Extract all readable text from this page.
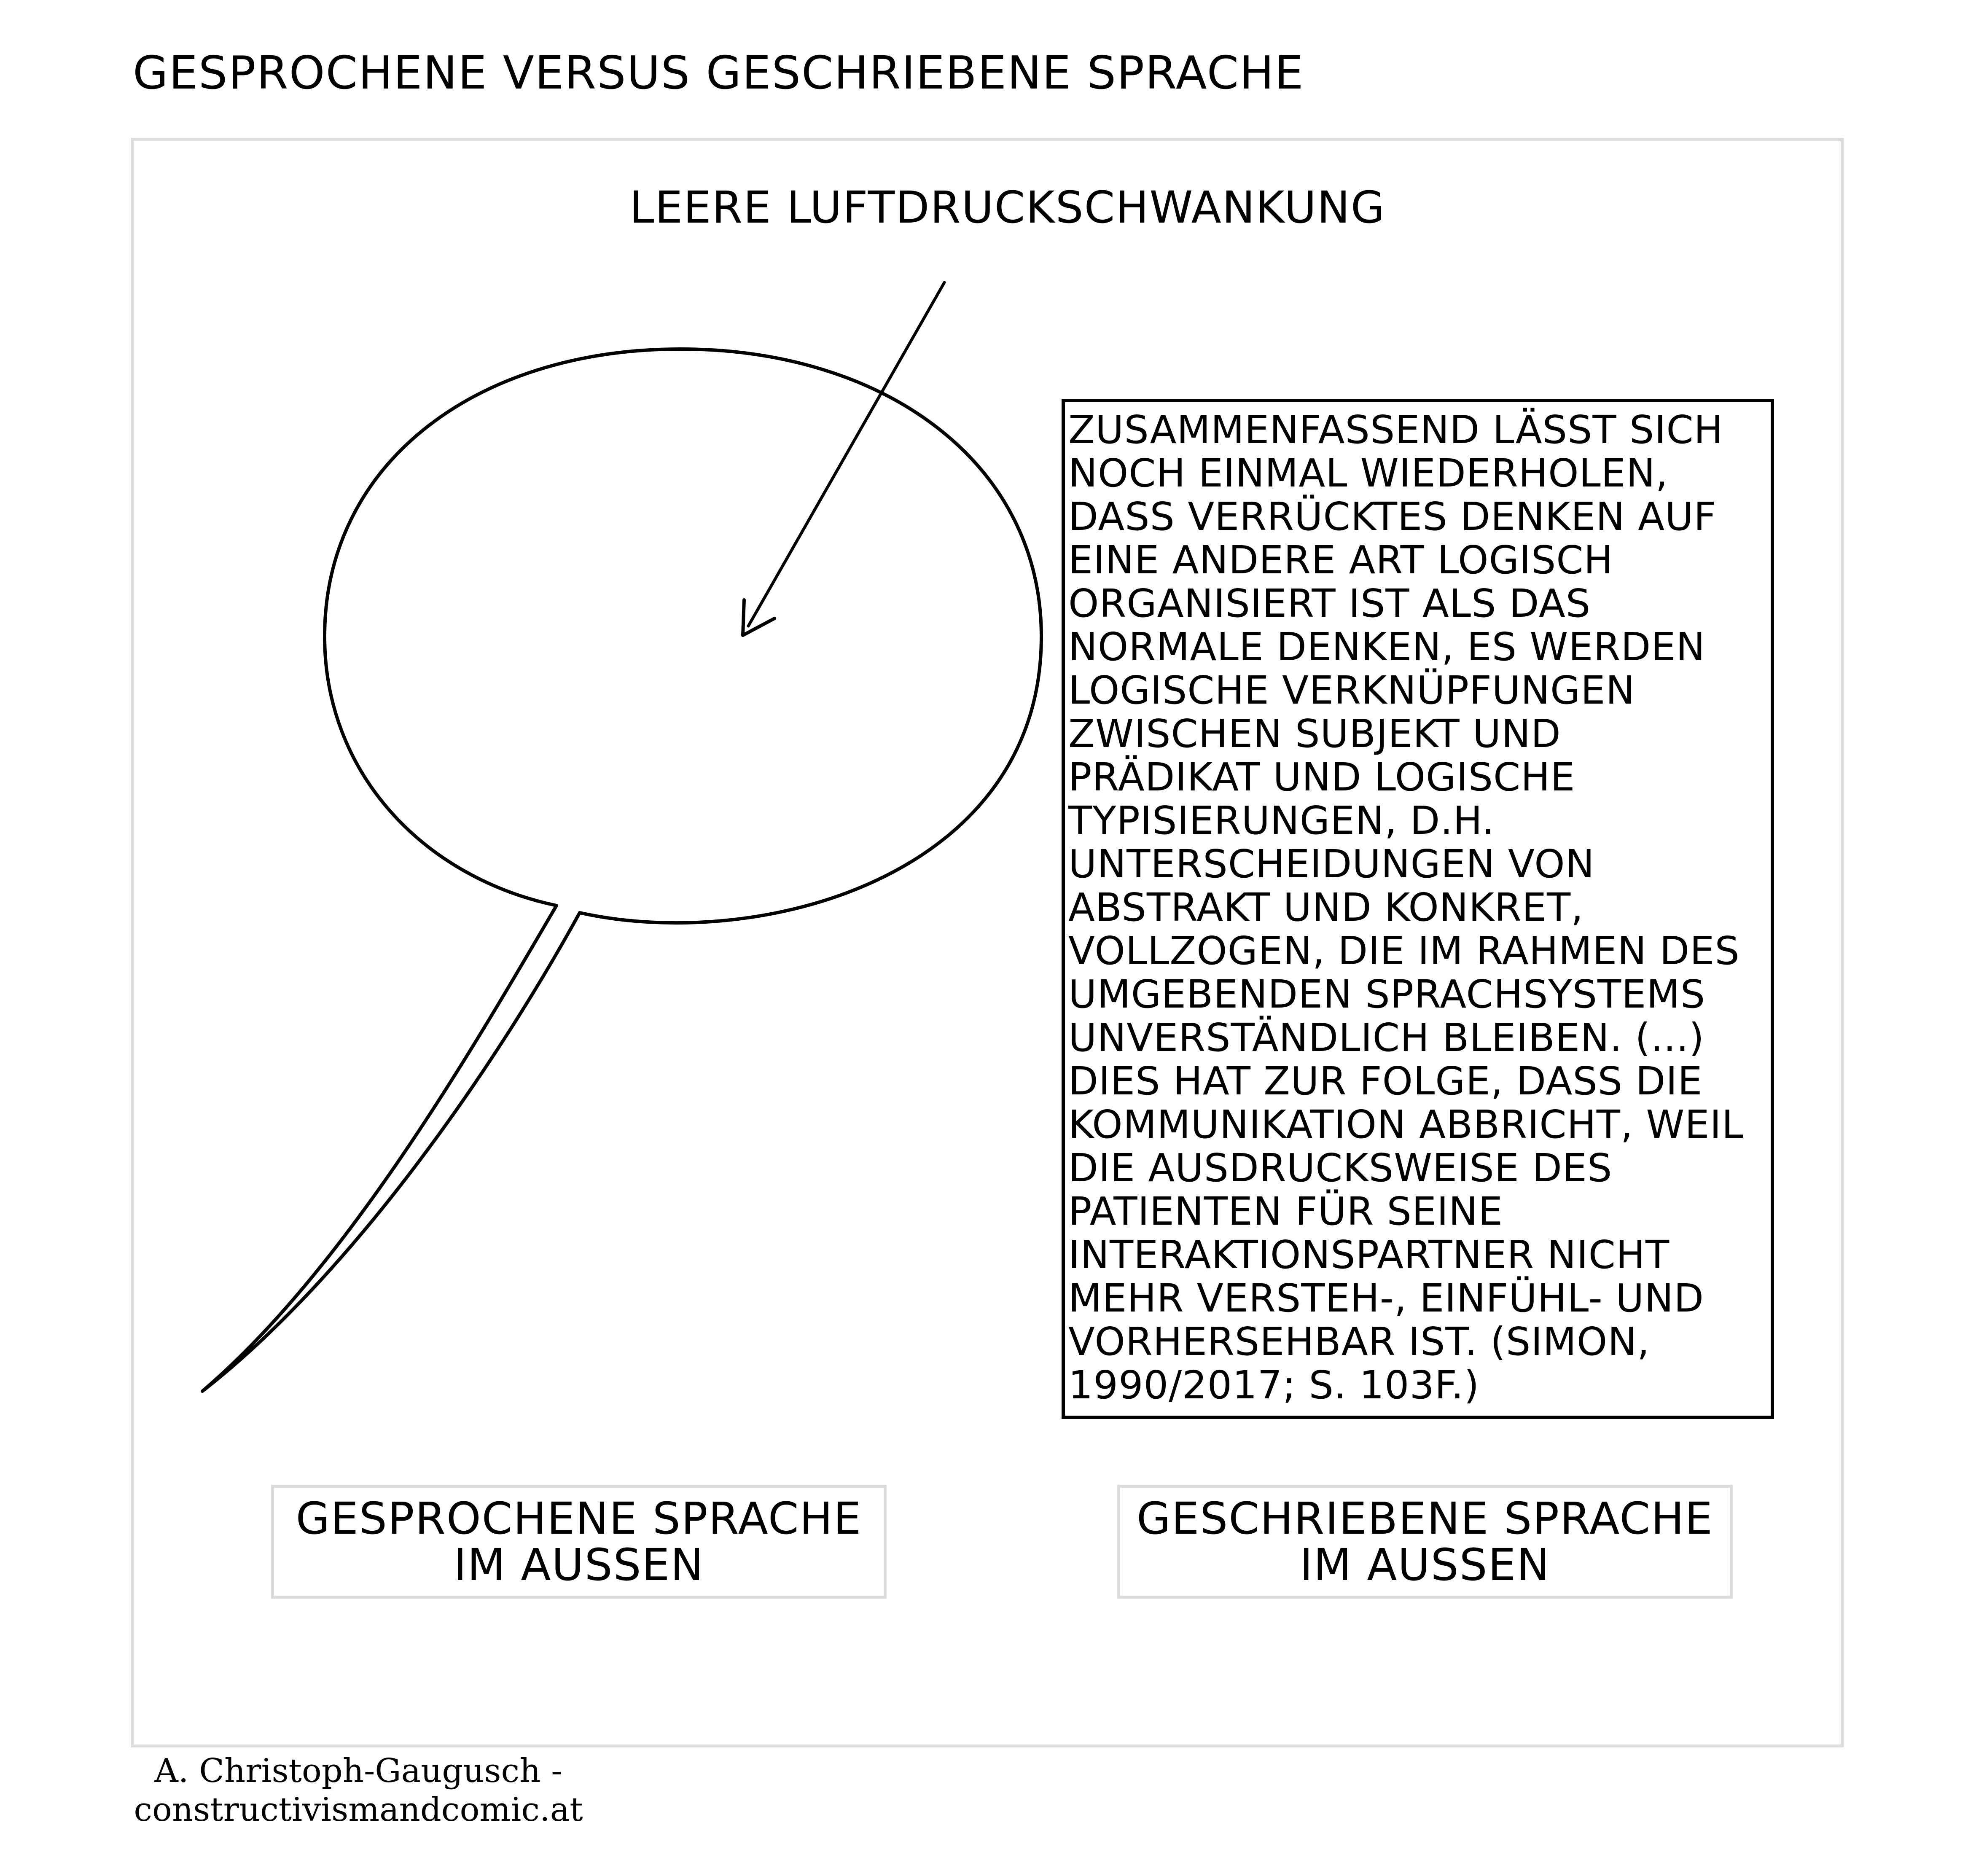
GESPROCHENE VERSUS GESCHRIEBENE SPRACHE
LEERE LUFTDRUCKSCHWANKUNG
ZUSAMMENFASSEND LÄSST SICH
NOCH EINMAL WIEDERHOLEN,
DASS VERRÜCKTES DENKEN AUF
EINE ANDERE ART LOGISCH
ORGANISIERT IST ALS DAS
NORMALE DENKEN, ES WERDEN
LOGISCHE VERKNÜPFUNGEN
ZWISCHEN SUBJEKT UND
PRÄDIKAT UND LOGISCHE
TYPISIERUNGEN, D.H.
UNTERSCHEIDUNGEN VON
ABSTRAKT UND KONKRET,
VOLLZOGEN, DIE IM RAHMEN DES
UMGEBENDEN SPRACHSYSTEMS
UNVERSTÄNDLICH BLEIBEN. (...)
DIES HAT ZUR FOLGE, DASS DIE
KOMMUNIKATION ABBRICHT, WEIL
DIE AUSDRUCKSWEISE DES
PATIENTEN FÜR SEINE
INTERAKTIONSPARTNER NICHT
MEHR VERSTEH-, EINFÜHL- UND
VORHERSEHBAR IST. (SIMON,
1990/2017; S. 103F.)
GESPROCHENE SPRACHE
IM AUSSEN
GESCHRIEBENE SPRACHE
IM AUSSEN
A. Christoph-Gaugusch -
constructivismandcomic.at
